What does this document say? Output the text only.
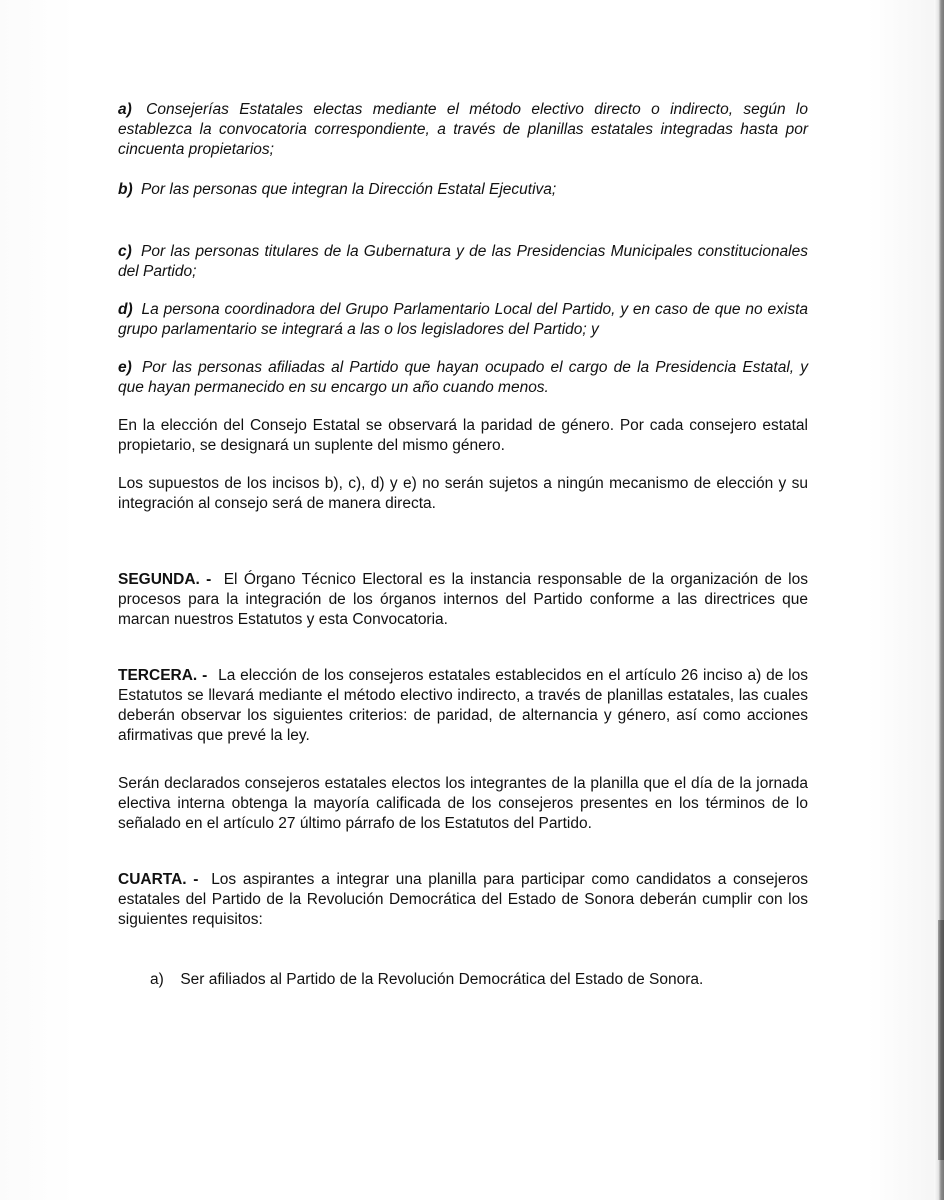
a) Consejerías Estatales electas mediante el método electivo directo o indirecto, según lo establezca la convocatoria correspondiente, a través de planillas estatales integradas hasta por cincuenta propietarios;

b) Por las personas que integran la Dirección Estatal Ejecutiva;

c) Por las personas titulares de la Gubernatura y de las Presidencias Municipales constitucionales del Partido;

d) La persona coordinadora del Grupo Parlamentario Local del Partido, y en caso de que no exista grupo parlamentario se integrará a las o los legisladores del Partido; y

e) Por las personas afiliadas al Partido que hayan ocupado el cargo de la Presidencia Estatal, y que hayan permanecido en su encargo un año cuando menos.

En la elección del Consejo Estatal se observará la paridad de género. Por cada consejero estatal propietario, se designará un suplente del mismo género.

Los supuestos de los incisos b), c), d) y e) no serán sujetos a ningún mecanismo de elección y su integración al consejo será de manera directa.

SEGUNDA. - El Órgano Técnico Electoral es la instancia responsable de la organización de los procesos para la integración de los órganos internos del Partido conforme a las directrices que marcan nuestros Estatutos y esta Convocatoria.

TERCERA. - La elección de los consejeros estatales establecidos en el artículo 26 inciso a) de los Estatutos se llevará mediante el método electivo indirecto, a través de planillas estatales, las cuales deberán observar los siguientes criterios: de paridad, de alternancia y género, así como acciones afirmativas que prevé la ley.

Serán declarados consejeros estatales electos los integrantes de la planilla que el día de la jornada electiva interna obtenga la mayoría calificada de los consejeros presentes en los términos de lo señalado en el artículo 27 último párrafo de los Estatutos del Partido.

CUARTA. - Los aspirantes a integrar una planilla para participar como candidatos a consejeros estatales del Partido de la Revolución Democrática del Estado de Sonora deberán cumplir con los siguientes requisitos:

a) Ser afiliados al Partido de la Revolución Democrática del Estado de Sonora.
